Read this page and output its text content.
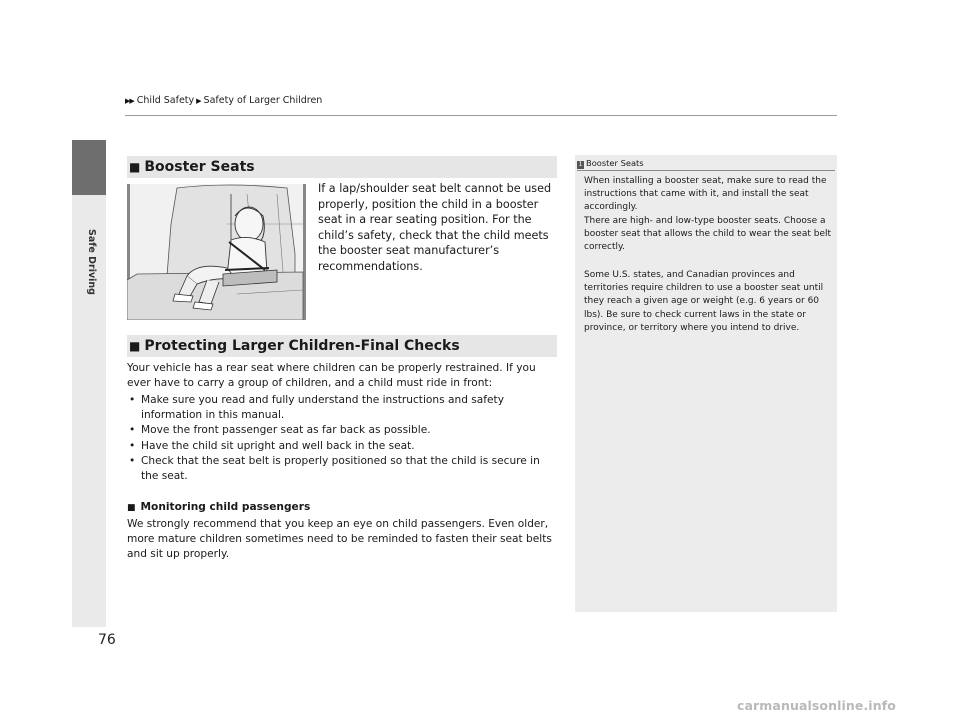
Safe Driving
▶▶ Child Safety ▶ Safety of Larger Children
■ Booster Seats
If a lap/shoulder seat belt cannot be used properly, position the child in a booster seat in a rear seating position. For the child’s safety, check that the child meets the booster seat manufacturer’s recommendations.
■ Protecting Larger Children-Final Checks
Your vehicle has a rear seat where children can be properly restrained. If you ever have to carry a group of children, and a child must ride in front:
• Make sure you read and fully understand the instructions and safety information in this manual.
• Move the front passenger seat as far back as possible.
• Have the child sit upright and well back in the seat.
• Check that the seat belt is properly positioned so that the child is secure in the seat.
■ Monitoring child passengers
We strongly recommend that you keep an eye on child passengers. Even older, more mature children sometimes need to be reminded to fasten their seat belts and sit up properly.
1 Booster Seats
When installing a booster seat, make sure to read the instructions that came with it, and install the seat accordingly.
There are high- and low-type booster seats. Choose a booster seat that allows the child to wear the seat belt correctly.
Some U.S. states, and Canadian provinces and territories require children to use a booster seat until they reach a given age or weight (e.g. 6 years or 60 lbs). Be sure to check current laws in the state or province, or territory where you intend to drive.
76
carmanualsonline.info
